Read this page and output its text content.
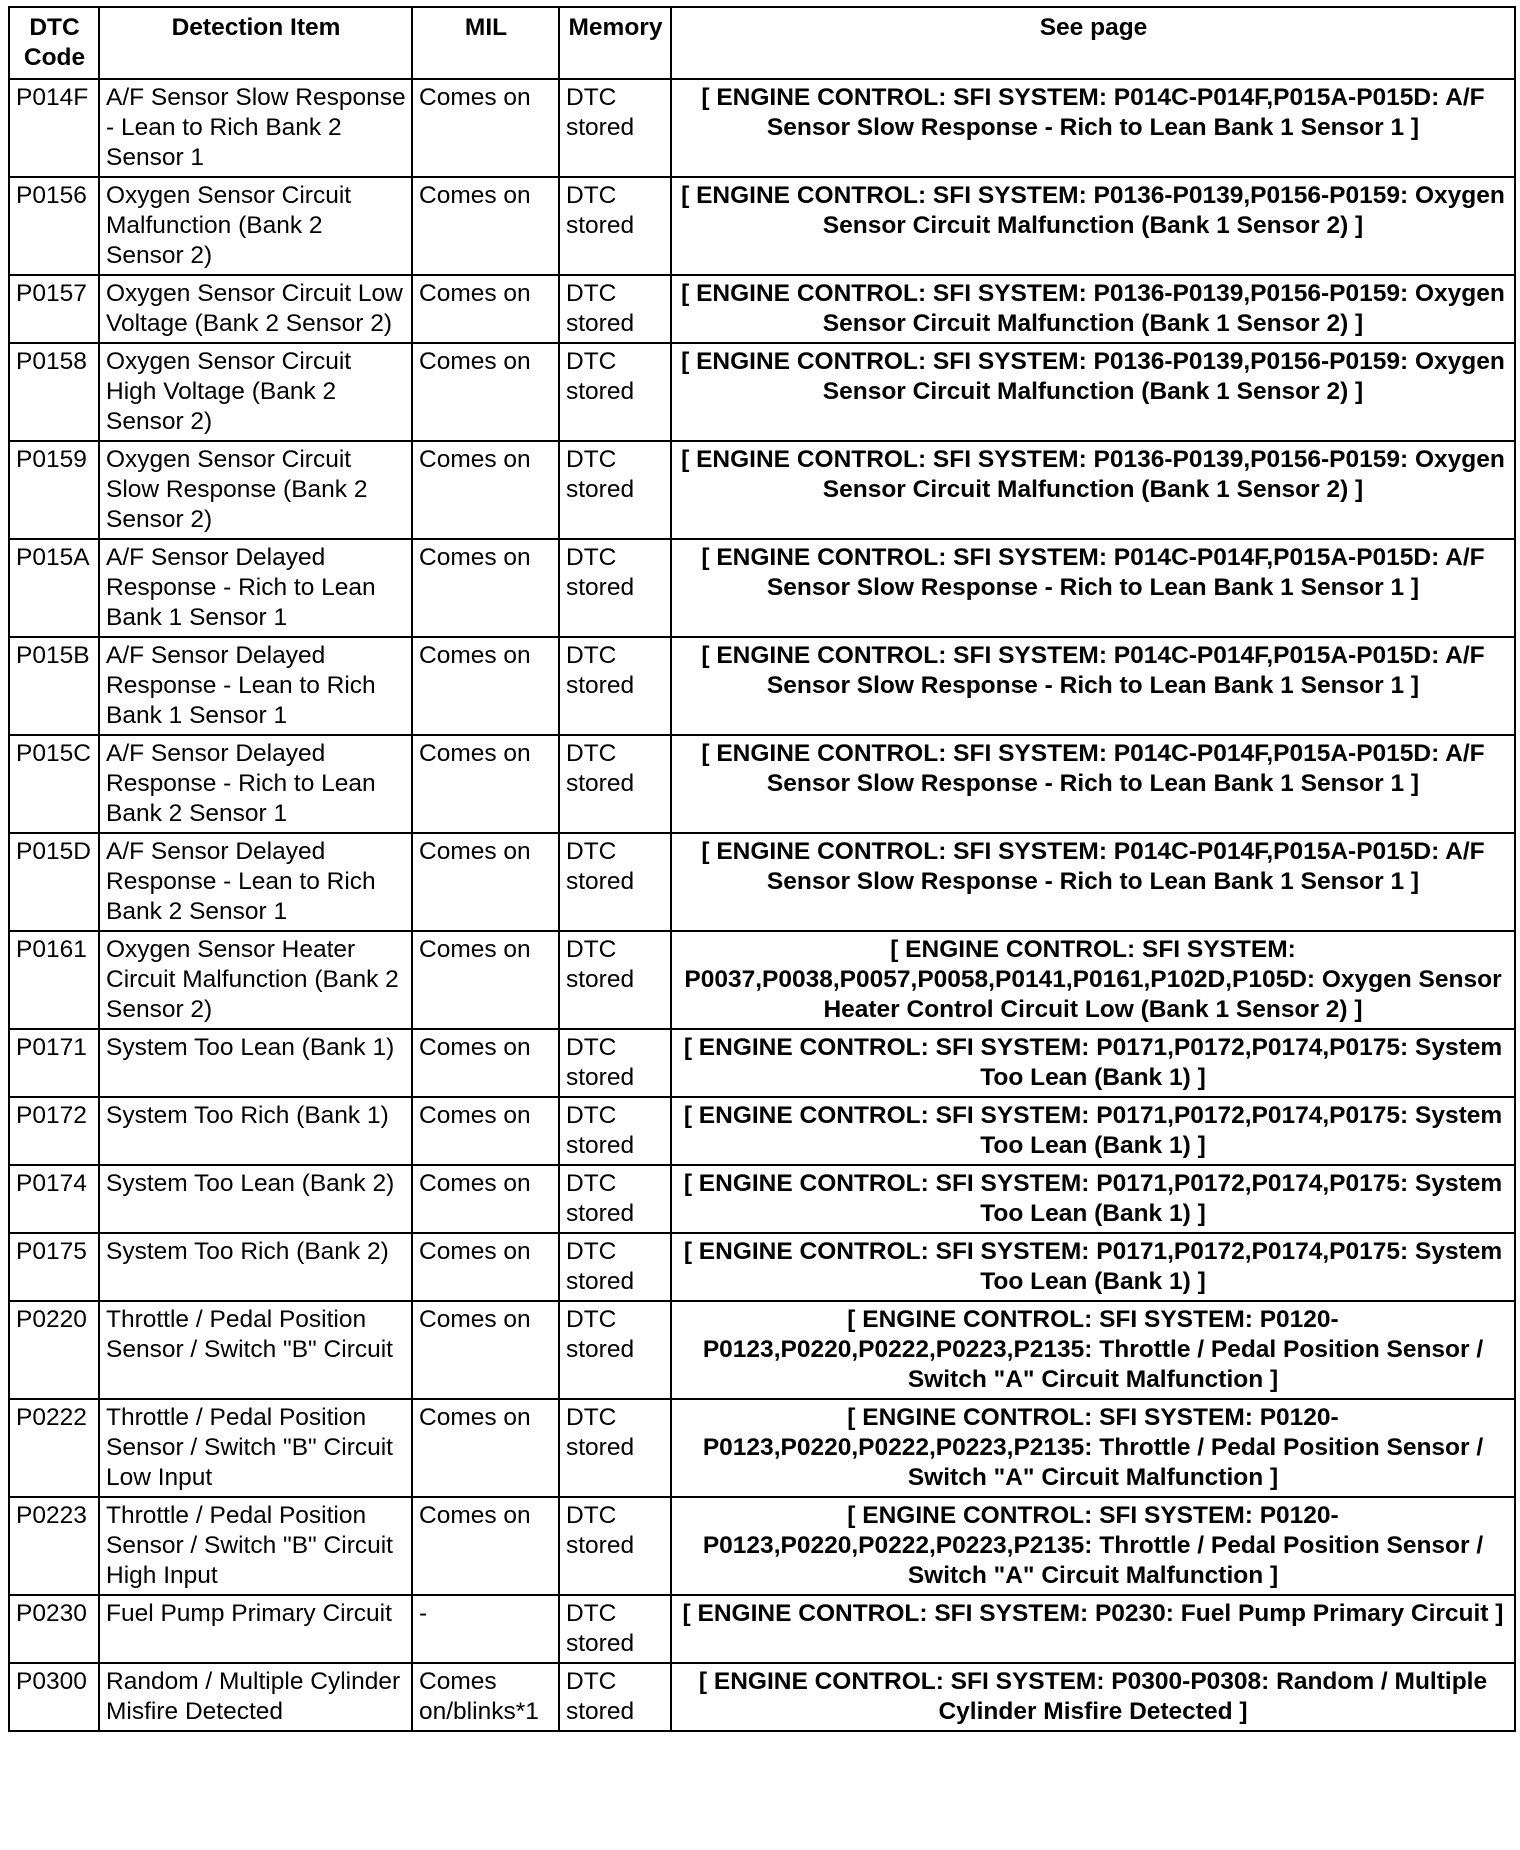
DTC Code	Detection Item	MIL	Memory	See page
P014F	A/F Sensor Slow Response - Lean to Rich Bank 2 Sensor 1	Comes on	DTC stored	[ ENGINE CONTROL: SFI SYSTEM: P014C-P014F,P015A-P015D: A/F Sensor Slow Response - Rich to Lean Bank 1 Sensor 1 ]
P0156	Oxygen Sensor Circuit Malfunction (Bank 2 Sensor 2)	Comes on	DTC stored	[ ENGINE CONTROL: SFI SYSTEM: P0136-P0139,P0156-P0159: Oxygen Sensor Circuit Malfunction (Bank 1 Sensor 2) ]
P0157	Oxygen Sensor Circuit Low Voltage (Bank 2 Sensor 2)	Comes on	DTC stored	[ ENGINE CONTROL: SFI SYSTEM: P0136-P0139,P0156-P0159: Oxygen Sensor Circuit Malfunction (Bank 1 Sensor 2) ]
P0158	Oxygen Sensor Circuit High Voltage (Bank 2 Sensor 2)	Comes on	DTC stored	[ ENGINE CONTROL: SFI SYSTEM: P0136-P0139,P0156-P0159: Oxygen Sensor Circuit Malfunction (Bank 1 Sensor 2) ]
P0159	Oxygen Sensor Circuit Slow Response (Bank 2 Sensor 2)	Comes on	DTC stored	[ ENGINE CONTROL: SFI SYSTEM: P0136-P0139,P0156-P0159: Oxygen Sensor Circuit Malfunction (Bank 1 Sensor 2) ]
P015A	A/F Sensor Delayed Response - Rich to Lean Bank 1 Sensor 1	Comes on	DTC stored	[ ENGINE CONTROL: SFI SYSTEM: P014C-P014F,P015A-P015D: A/F Sensor Slow Response - Rich to Lean Bank 1 Sensor 1 ]
P015B	A/F Sensor Delayed Response - Lean to Rich Bank 1 Sensor 1	Comes on	DTC stored	[ ENGINE CONTROL: SFI SYSTEM: P014C-P014F,P015A-P015D: A/F Sensor Slow Response - Rich to Lean Bank 1 Sensor 1 ]
P015C	A/F Sensor Delayed Response - Rich to Lean Bank 2 Sensor 1	Comes on	DTC stored	[ ENGINE CONTROL: SFI SYSTEM: P014C-P014F,P015A-P015D: A/F Sensor Slow Response - Rich to Lean Bank 1 Sensor 1 ]
P015D	A/F Sensor Delayed Response - Lean to Rich Bank 2 Sensor 1	Comes on	DTC stored	[ ENGINE CONTROL: SFI SYSTEM: P014C-P014F,P015A-P015D: A/F Sensor Slow Response - Rich to Lean Bank 1 Sensor 1 ]
P0161	Oxygen Sensor Heater Circuit Malfunction (Bank 2 Sensor 2)	Comes on	DTC stored	[ ENGINE CONTROL: SFI SYSTEM: P0037,P0038,P0057,P0058,P0141,P0161,P102D,P105D: Oxygen Sensor Heater Control Circuit Low (Bank 1 Sensor 2) ]
P0171	System Too Lean (Bank 1)	Comes on	DTC stored	[ ENGINE CONTROL: SFI SYSTEM: P0171,P0172,P0174,P0175: System Too Lean (Bank 1) ]
P0172	System Too Rich (Bank 1)	Comes on	DTC stored	[ ENGINE CONTROL: SFI SYSTEM: P0171,P0172,P0174,P0175: System Too Lean (Bank 1) ]
P0174	System Too Lean (Bank 2)	Comes on	DTC stored	[ ENGINE CONTROL: SFI SYSTEM: P0171,P0172,P0174,P0175: System Too Lean (Bank 1) ]
P0175	System Too Rich (Bank 2)	Comes on	DTC stored	[ ENGINE CONTROL: SFI SYSTEM: P0171,P0172,P0174,P0175: System Too Lean (Bank 1) ]
P0220	Throttle / Pedal Position Sensor / Switch "B" Circuit	Comes on	DTC stored	[ ENGINE CONTROL: SFI SYSTEM: P0120-P0123,P0220,P0222,P0223,P2135: Throttle / Pedal Position Sensor / Switch "A" Circuit Malfunction ]
P0222	Throttle / Pedal Position Sensor / Switch "B" Circuit Low Input	Comes on	DTC stored	[ ENGINE CONTROL: SFI SYSTEM: P0120-P0123,P0220,P0222,P0223,P2135: Throttle / Pedal Position Sensor / Switch "A" Circuit Malfunction ]
P0223	Throttle / Pedal Position Sensor / Switch "B" Circuit High Input	Comes on	DTC stored	[ ENGINE CONTROL: SFI SYSTEM: P0120-P0123,P0220,P0222,P0223,P2135: Throttle / Pedal Position Sensor / Switch "A" Circuit Malfunction ]
P0230	Fuel Pump Primary Circuit	-	DTC stored	[ ENGINE CONTROL: SFI SYSTEM: P0230: Fuel Pump Primary Circuit ]
P0300	Random / Multiple Cylinder Misfire Detected	Comes on/blinks*1	DTC stored	[ ENGINE CONTROL: SFI SYSTEM: P0300-P0308: Random / Multiple Cylinder Misfire Detected ]
